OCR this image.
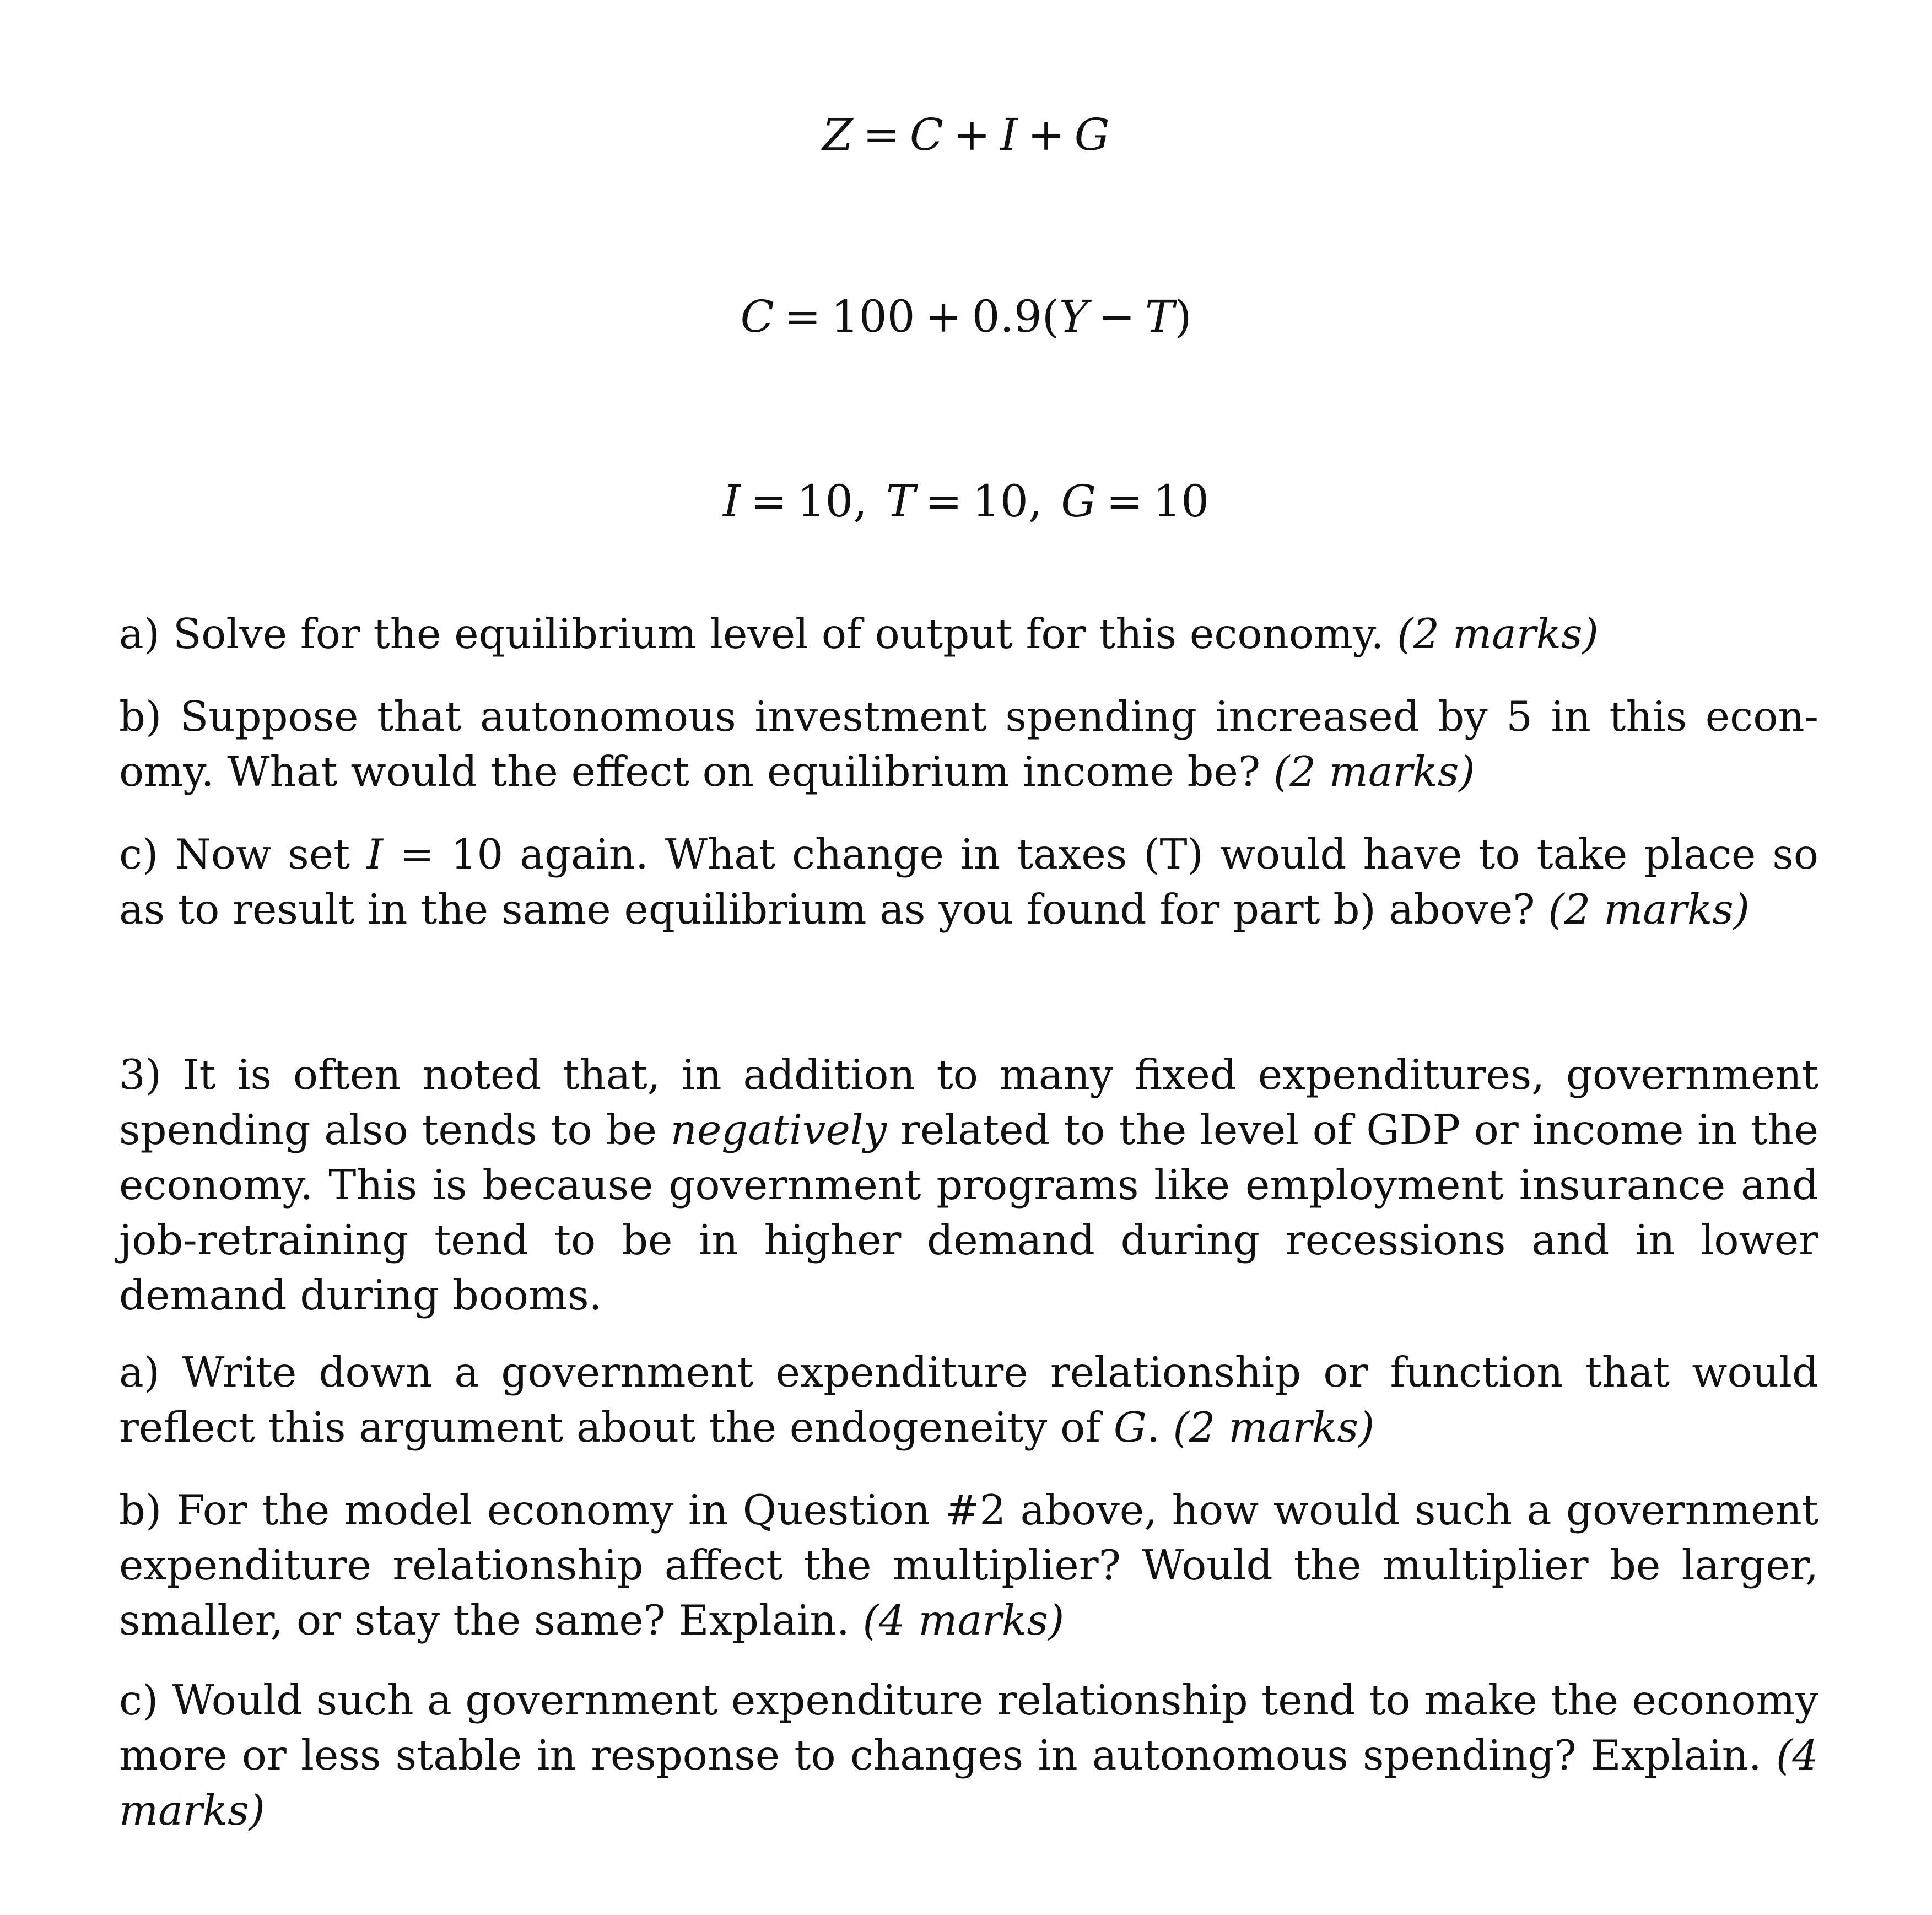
Z = C + I + G
C = 100 + 0.9(Y − T)
I = 10, T = 10, G = 10
a) Solve for the equilibrium level of output for this economy. (2 marks)
b) Suppose that autonomous investment spending increased by 5 in this econ- omy. What would the effect on equilibrium income be? (2 marks)
c) Now set I = 10 again. What change in taxes (T) would have to take place so as to result in the same equilibrium as you found for part b) above? (2 marks)
3) It is often noted that, in addition to many fixed expenditures, government spending also tends to be negatively related to the level of GDP or income in the economy. This is because government programs like employment insurance and job-retraining tend to be in higher demand during recessions and in lower demand during booms.
a) Write down a government expenditure relationship or function that would reflect this argument about the endogeneity of G. (2 marks)
b) For the model economy in Question #2 above, how would such a government expenditure relationship affect the multiplier? Would the multiplier be larger, smaller, or stay the same? Explain. (4 marks)
c) Would such a government expenditure relationship tend to make the economy more or less stable in response to changes in autonomous spending? Explain. (4 marks)
